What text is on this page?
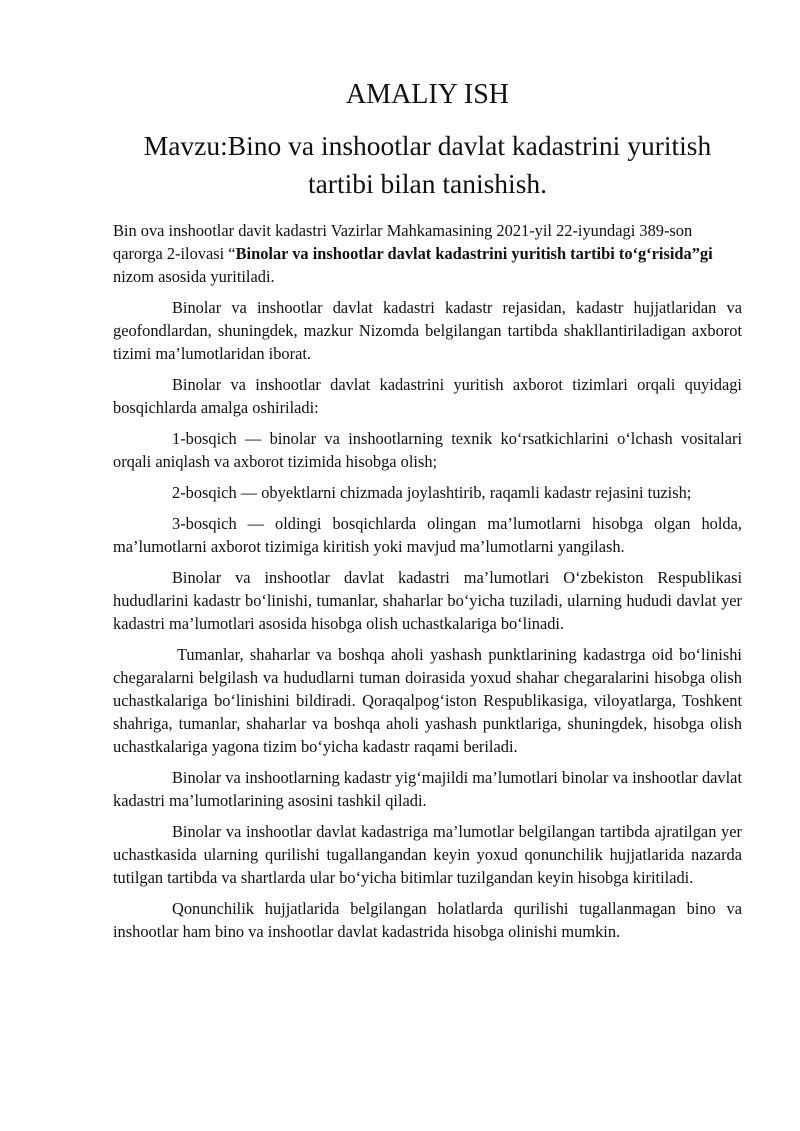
AMALIY ISH
Mavzu:Bino va inshootlar davlat kadastrini yuritish
tartibi bilan tanishish.

Bin ova inshootlar davit kadastri Vazirlar Mahkamasining 2021-yil 22-iyundagi 389-son qarorga 2-ilovasi “Binolar va inshootlar davlat kadastrini yuritish tartibi to‘g‘risida”gi nizom asosida yuritiladi.

Binolar va inshootlar davlat kadastri kadastr rejasidan, kadastr hujjatlaridan va geofondlardan, shuningdek, mazkur Nizomda belgilangan tartibda shakllantiriladigan axborot tizimi ma’lumotlaridan iborat.

Binolar va inshootlar davlat kadastrini yuritish axborot tizimlari orqali quyidagi bosqichlarda amalga oshiriladi:

1-bosqich — binolar va inshootlarning texnik ko‘rsatkichlarini o‘lchash vositalari orqali aniqlash va axborot tizimida hisobga olish;

2-bosqich — obyektlarni chizmada joylashtirib, raqamli kadastr rejasini tuzish;

3-bosqich — oldingi bosqichlarda olingan ma’lumotlarni hisobga olgan holda, ma’lumotlarni axborot tizimiga kiritish yoki mavjud ma’lumotlarni yangilash.

Binolar va inshootlar davlat kadastri ma’lumotlari O‘zbekiston Respublikasi hududlarini kadastr bo‘linishi, tumanlar, shaharlar bo‘yicha tuziladi, ularning hududi davlat yer kadastri ma’lumotlari asosida hisobga olish uchastkalariga bo‘linadi.

Tumanlar, shaharlar va boshqa aholi yashash punktlarining kadastrga oid bo‘linishi chegaralarni belgilash va hududlarni tuman doirasida yoxud shahar chegaralarini hisobga olish uchastkalariga bo‘linishini bildiradi. Qoraqalpog‘iston Respublikasiga, viloyatlarga, Toshkent shahriga, tumanlar, shaharlar va boshqa aholi yashash punktlariga, shuningdek, hisobga olish uchastkalariga yagona tizim bo‘yicha kadastr raqami beriladi.

Binolar va inshootlarning kadastr yig‘majildi ma’lumotlari binolar va inshootlar davlat kadastri ma’lumotlarining asosini tashkil qiladi.

Binolar va inshootlar davlat kadastriga ma’lumotlar belgilangan tartibda ajratilgan yer uchastkasida ularning qurilishi tugallangandan keyin yoxud qonunchilik hujjatlarida nazarda tutilgan tartibda va shartlarda ular bo‘yicha bitimlar tuzilgandan keyin hisobga kiritiladi.

Qonunchilik hujjatlarida belgilangan holatlarda qurilishi tugallanmagan bino va inshootlar ham bino va inshootlar davlat kadastrida hisobga olinishi mumkin.
